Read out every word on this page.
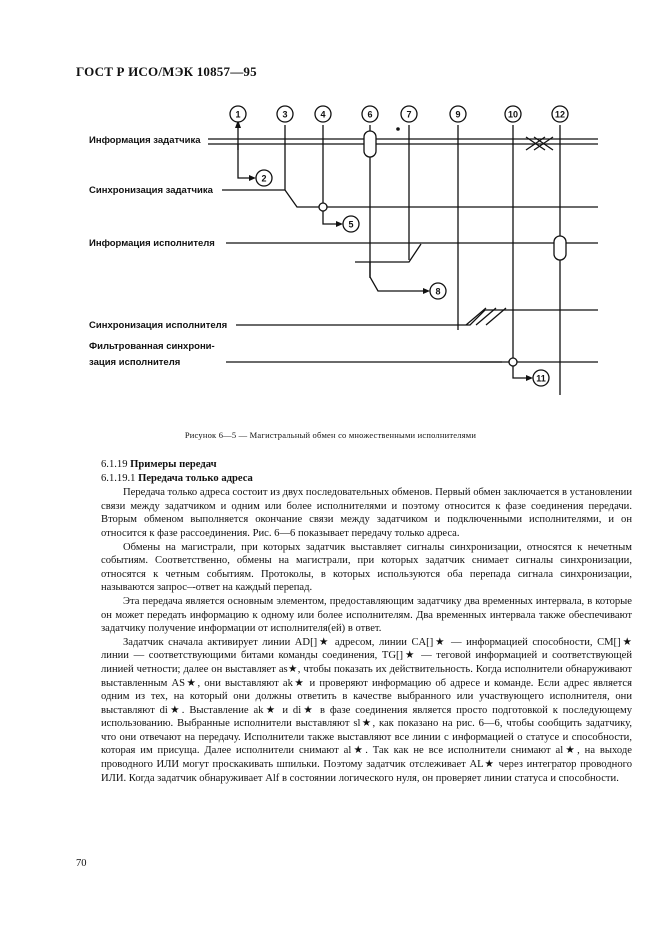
ГОСТ Р ИСО/МЭК 10857—95
1	3	4	6	7	9	10	12
2
5
8
11
Информация задатчика
Синхронизация задатчика
Информация исполнителя
Синхронизация исполнителя
Фильтрованная синхрони-
зация исполнителя
Рисунок 6—5 — Магистральный обмен со множественными исполнителями

6.1.19 Примеры передач

6.1.19.1 Передача только адреса

Передача только адреса состоит из двух последовательных обменов. Первый обмен заключается в установлении связи между задатчиком и одним или более исполнителями и поэтому относится к фазе соединения передачи. Вторым обменом выполняется окончание связи между задатчиком и подключенными исполнителями, и он относится к фазе рассоединения. Рис. 6—6 показывает передачу только адреса.

Обмены на магистрали, при которых задатчик выставляет сигналы синхронизации, относятся к нечетным событиям. Соответственно, обмены на магистрали, при которых задатчик снимает сигналы синхронизации, относятся к четным событиям. Протоколы, в которых используются оба перепада сигнала синхронизации, называются запрос–-ответ на каждый перепад.

Эта передача является основным элементом, предоставляющим задатчику два временных интервала, в которые он может передать информацию к одному или более исполнителям. Два временных интервала также обеспечивают задатчику получение информации от исполнителя(ей) в ответ.

Задатчик сначала активирует линии AD[]★ адресом, линии CA[]★ — информацией способности, CM[]★ линии — соответствующими битами команды соединения, TG[]★ — теговой информацией и соответствующей линией четности; далее он выставляет as★, чтобы показать их действительность. Когда исполнители обнаруживают выставленным AS★, они выставляют ak★ и проверяют информацию об адресе и команде. Если адрес является одним из тех, на который они должны ответить в качестве выбранного или участвующего исполнителя, они выставляют di★. Выставление ak★ и di★ в фазе соединения является просто подготовкой к последующему использованию. Выбранные исполнители выставляют sl★, как показано на рис. 6—6, чтобы сообщить задатчику, что они отвечают на передачу. Исполнители также выставляют все линии с информацией о статусе и способности, которая им присуща. Далее исполнители снимают al★. Так как не все исполнители снимают al★, на выходе проводного ИЛИ могут проскакивать шпильки. Поэтому задатчик отслеживает AL★ через интегратор проводного ИЛИ. Когда задатчик обнаруживает Alf в состоянии логического нуля, он проверяет линии статуса и способности.

70
